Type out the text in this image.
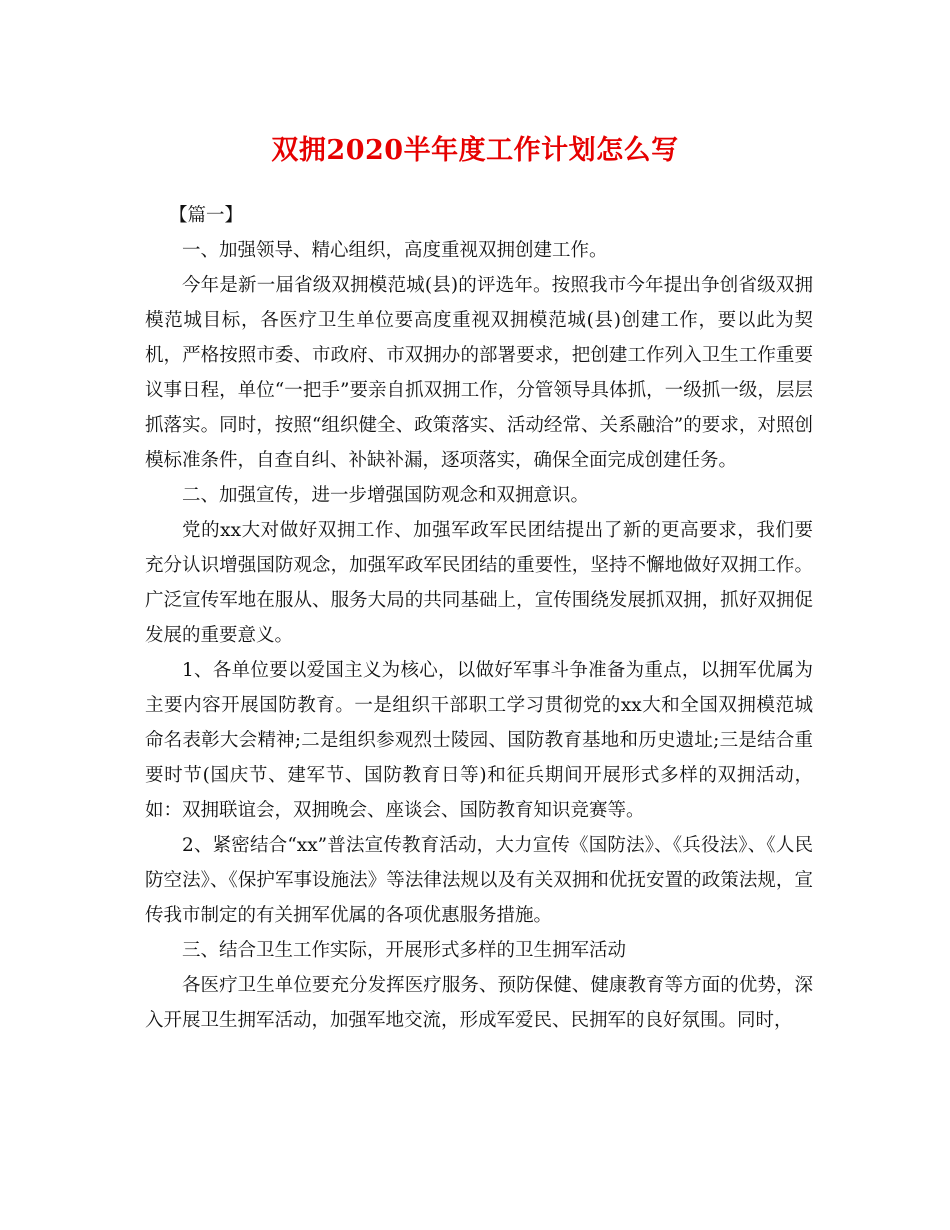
双拥2020半年度工作计划怎么写

【篇一】

一、加强领导、精心组织，高度重视双拥创建工作。

今年是新一届省级双拥模范城(县)的评选年。按照我市今年提出争创省级双拥模范城目标，各医疗卫生单位要高度重视双拥模范城(县)创建工作，要以此为契机，严格按照市委、市政府、市双拥办的部署要求，把创建工作列入卫生工作重要议事日程，单位“一把手”要亲自抓双拥工作，分管领导具体抓，一级抓一级，层层抓落实。同时，按照“组织健全、政策落实、活动经常、关系融洽”的要求，对照创模标准条件，自查自纠、补缺补漏，逐项落实，确保全面完成创建任务。

二、加强宣传，进一步增强国防观念和双拥意识。

党的xx大对做好双拥工作、加强军政军民团结提出了新的更高要求，我们要充分认识增强国防观念，加强军政军民团结的重要性，坚持不懈地做好双拥工作。广泛宣传军地在服从、服务大局的共同基础上，宣传围绕发展抓双拥，抓好双拥促发展的重要意义。

1、各单位要以爱国主义为核心，以做好军事斗争准备为重点，以拥军优属为主要内容开展国防教育。一是组织干部职工学习贯彻党的xx大和全国双拥模范城命名表彰大会精神;二是组织参观烈士陵园、国防教育基地和历史遗址;三是结合重要时节(国庆节、建军节、国防教育日等)和征兵期间开展形式多样的双拥活动，如：双拥联谊会，双拥晚会、座谈会、国防教育知识竞赛等。

2、紧密结合“xx”普法宣传教育活动，大力宣传《国防法》、《兵役法》、《人民防空法》、《保护军事设施法》等法律法规以及有关双拥和优抚安置的政策法规，宣传我市制定的有关拥军优属的各项优惠服务措施。

三、结合卫生工作实际，开展形式多样的卫生拥军活动

各医疗卫生单位要充分发挥医疗服务、预防保健、健康教育等方面的优势，深入开展卫生拥军活动，加强军地交流，形成军爱民、民拥军的良好氛围。同时，
